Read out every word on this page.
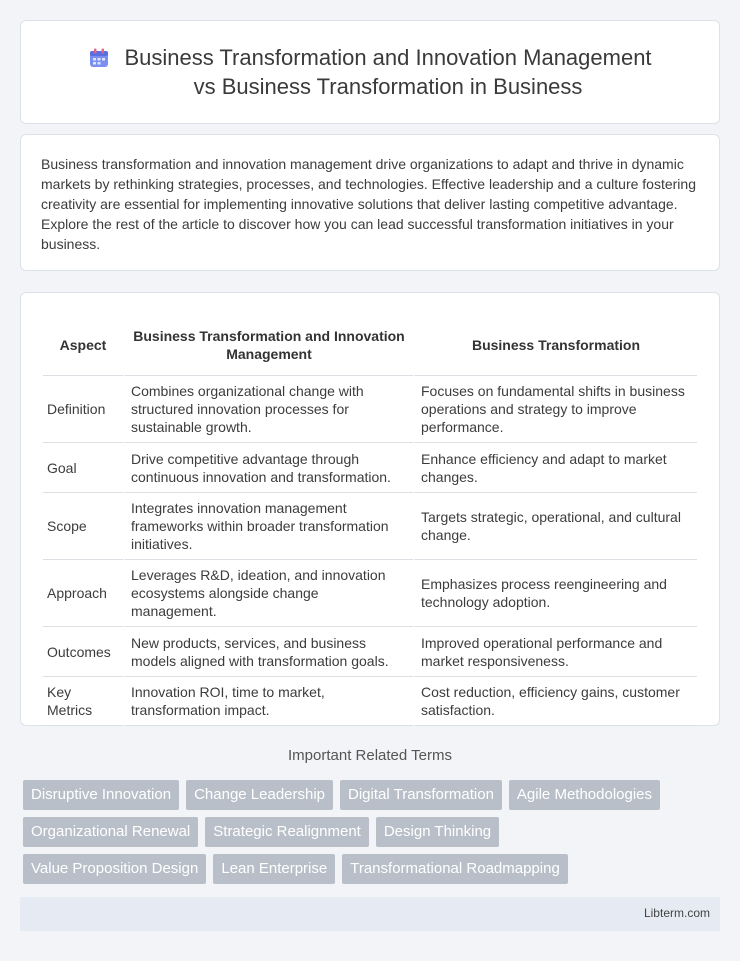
Business Transformation and Innovation Management
vs Business Transformation in Business

Business transformation and innovation management drive organizations to adapt and thrive in dynamic markets by rethinking strategies, processes, and technologies. Effective leadership and a culture fostering creativity are essential for implementing innovative solutions that deliver lasting competitive advantage. Explore the rest of the article to discover how you can lead successful transformation initiatives in your business.

Aspect	Business Transformation and Innovation Management	Business Transformation
Definition	Combines organizational change with structured innovation processes for sustainable growth.	Focuses on fundamental shifts in business operations and strategy to improve performance.
Goal	Drive competitive advantage through continuous innovation and transformation.	Enhance efficiency and adapt to market changes.
Scope	Integrates innovation management frameworks within broader transformation initiatives.	Targets strategic, operational, and cultural change.
Approach	Leverages R&D, ideation, and innovation ecosystems alongside change management.	Emphasizes process reengineering and technology adoption.
Outcomes	New products, services, and business models aligned with transformation goals.	Improved operational performance and market responsiveness.
Key Metrics	Innovation ROI, time to market, transformation impact.	Cost reduction, efficiency gains, customer satisfaction.
Important Related Terms
Disruptive Innovation	Change Leadership	Digital Transformation	Agile Methodologies
Organizational Renewal	Strategic Realignment	Design Thinking
Value Proposition Design	Lean Enterprise	Transformational Roadmapping
Libterm.com
